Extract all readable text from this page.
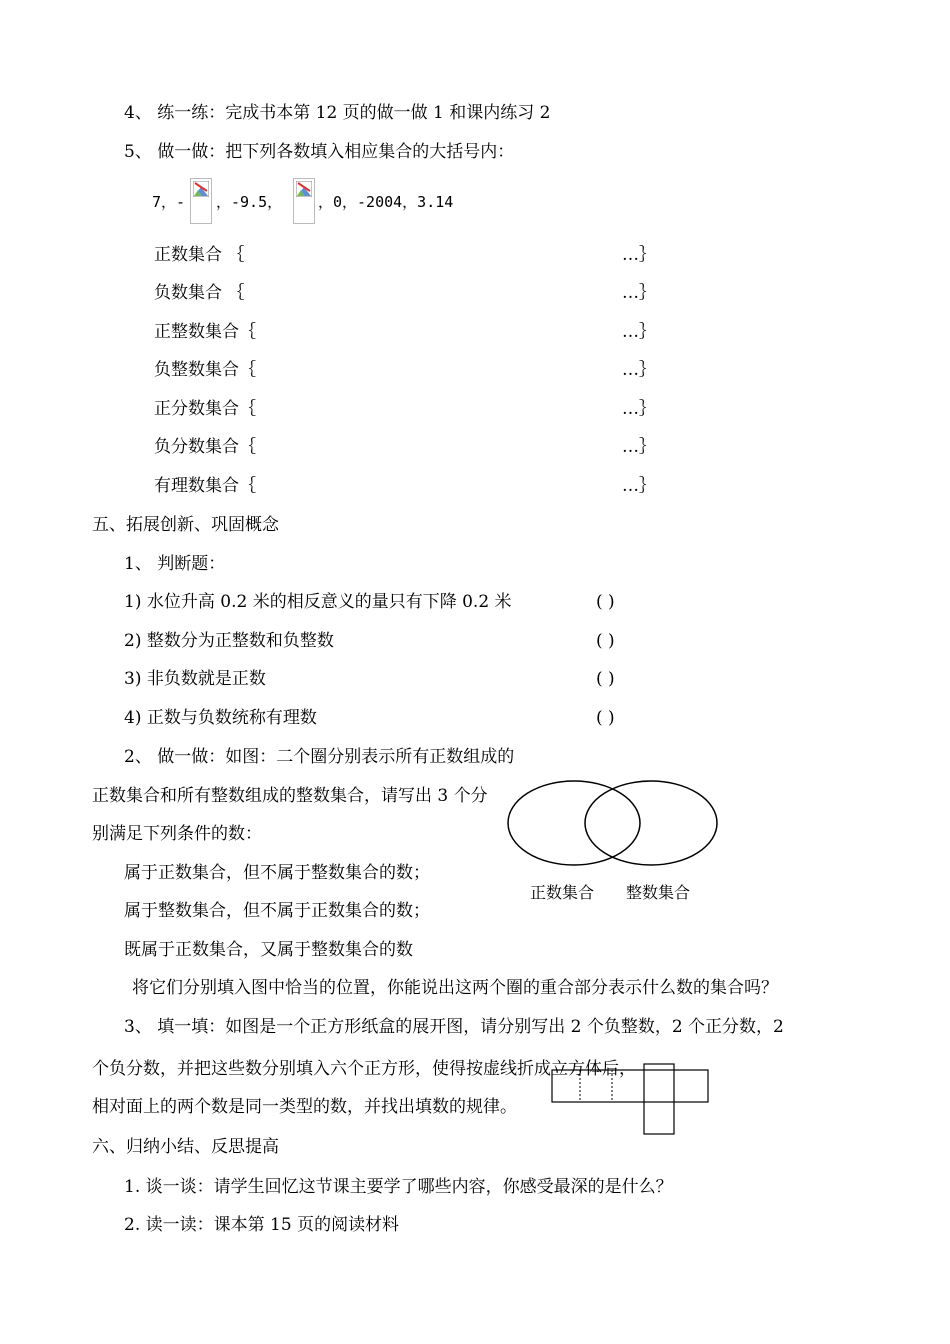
4、 练一练：完成书本第 12 页的做一做 1 和课内练习 2
5、 做一做：把下列各数填入相应集合的大括号内：
7，- ，-9.5， ，0，-2004，3.14
正数集合 ｛	…｝
负数集合 ｛	…｝
正整数集合｛	…｝
负整数集合｛	…｝
正分数集合｛	…｝
负分数集合｛	…｝
有理数集合｛	…｝
五、拓展创新、巩固概念
1、 判断题：
1) 水位升高 0.2 米的相反意义的量只有下降 0.2 米	( )
2) 整数分为正整数和负整数	( )
3) 非负数就是正数	( )
4) 正数与负数统称有理数	( )
2、 做一做：如图：二个圈分别表示所有正数组成的
正数集合和所有整数组成的整数集合，请写出 3 个分
别满足下列条件的数：
属于正数集合，但不属于整数集合的数；
属于整数集合，但不属于正数集合的数；
既属于正数集合，又属于整数集合的数
将它们分别填入图中恰当的位置，你能说出这两个圈的重合部分表示什么数的集合吗？
正数集合 整数集合
3、 填一填：如图是一个正方形纸盒的展开图，请分别写出 2 个负整数，2 个正分数，2
个负分数，并把这些数分别填入六个正方形，使得按虚线折成立方体后，
相对面上的两个数是同一类型的数，并找出填数的规律。
六、归纳小结、反思提高
1. 谈一谈：请学生回忆这节课主要学了哪些内容，你感受最深的是什么？
2. 读一读：课本第 15 页的阅读材料
